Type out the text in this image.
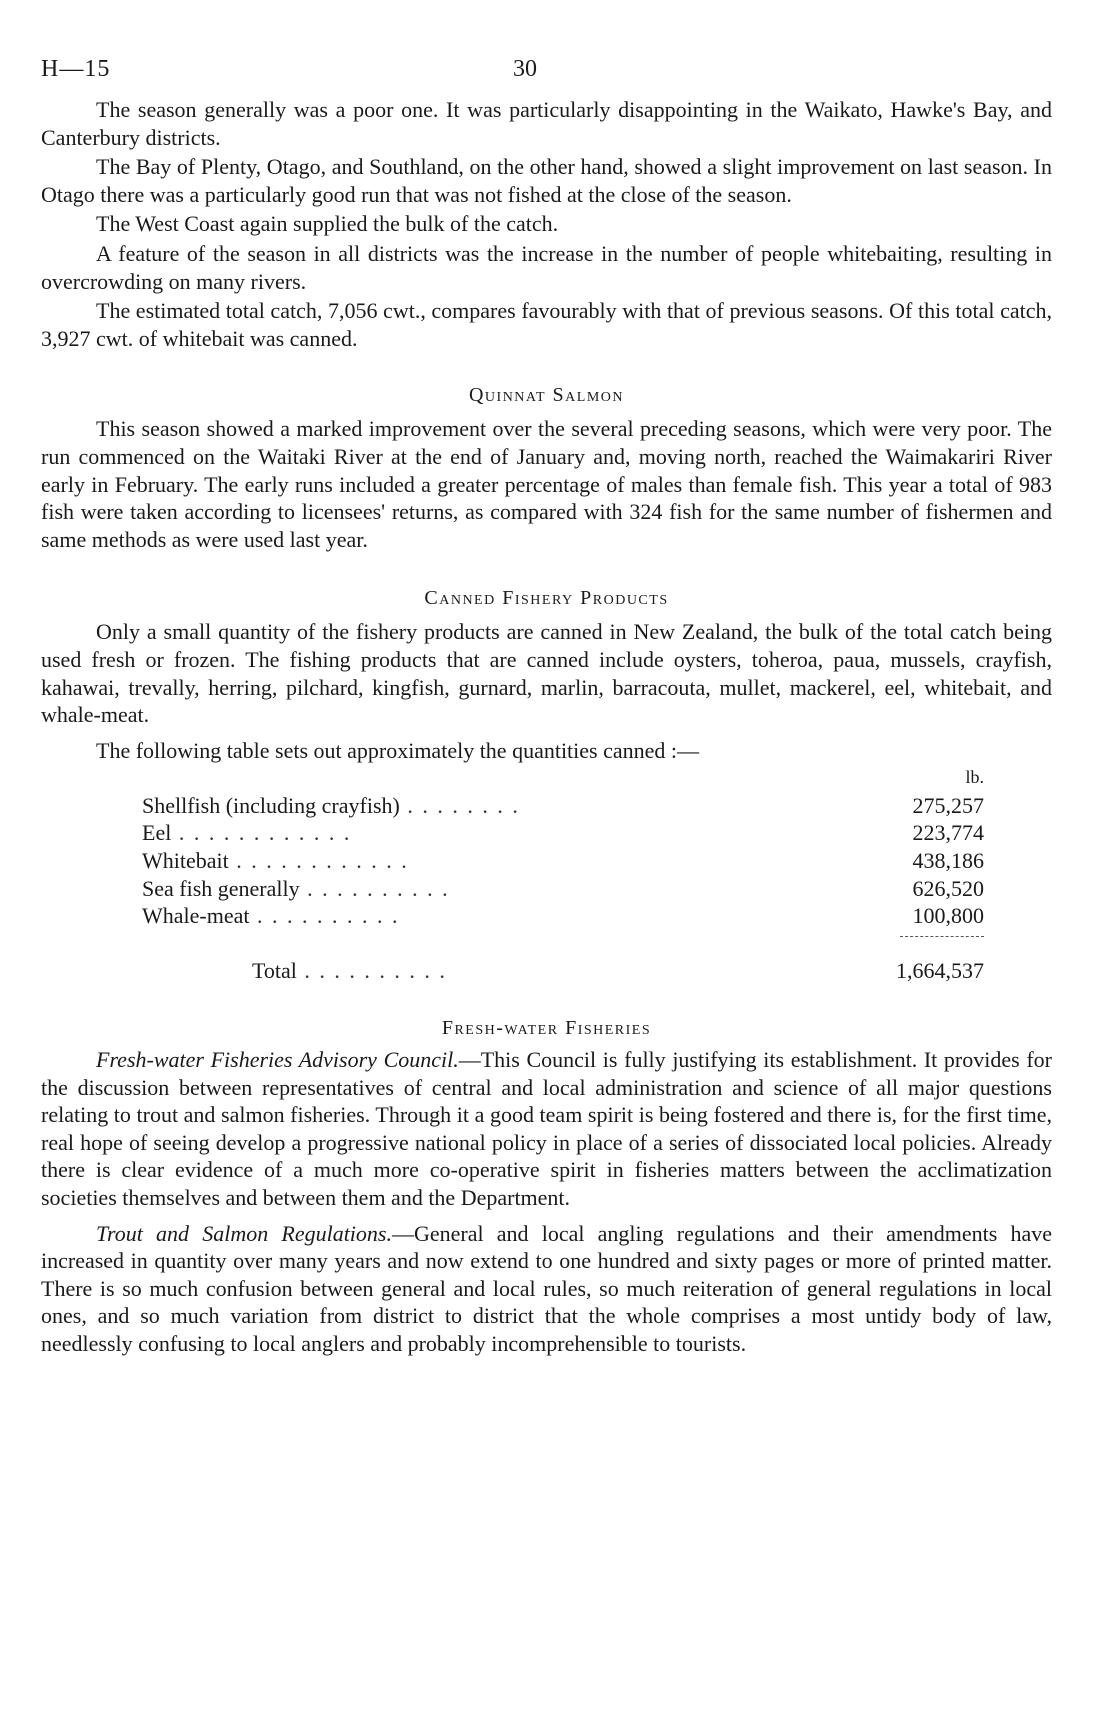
H—15	30

The season generally was a poor one. It was particularly disappointing in the Waikato, Hawke's Bay, and Canterbury districts.

The Bay of Plenty, Otago, and Southland, on the other hand, showed a slight improvement on last season. In Otago there was a particularly good run that was not fished at the close of the season.

The West Coast again supplied the bulk of the catch.

A feature of the season in all districts was the increase in the number of people whitebaiting, resulting in overcrowding on many rivers.

The estimated total catch, 7,056 cwt., compares favourably with that of previous seasons. Of this total catch, 3,927 cwt. of whitebait was canned.

Quinnat Salmon

This season showed a marked improvement over the several preceding seasons, which were very poor. The run commenced on the Waitaki River at the end of January and, moving north, reached the Waimakariri River early in February. The early runs included a greater percentage of males than female fish. This year a total of 983 fish were taken according to licensees' returns, as compared with 324 fish for the same number of fishermen and same methods as were used last year.

Canned Fishery Products

Only a small quantity of the fishery products are canned in New Zealand, the bulk of the total catch being used fresh or frozen. The fishing products that are canned include oysters, toheroa, paua, mussels, crayfish, kahawai, trevally, herring, pilchard, kingfish, gurnard, marlin, barracouta, mullet, mackerel, eel, whitebait, and whale-meat.

The following table sets out approximately the quantities canned :—

	lb.
Shellfish (including crayfish) . . . . . . . .	275,257
Eel . . . . . . . . . . . .	223,774
Whitebait . . . . . . . . . . . .	438,186
Sea fish generally . . . . . . . . . .	626,520
Whale-meat . . . . . . . . . .	100,800

Total . . . . . . . . . .	1,664,537
Fresh-water Fisheries

Fresh-water Fisheries Advisory Council.—This Council is fully justifying its establishment. It provides for the discussion between representatives of central and local administration and science of all major questions relating to trout and salmon fisheries. Through it a good team spirit is being fostered and there is, for the first time, real hope of seeing develop a progressive national policy in place of a series of dissociated local policies. Already there is clear evidence of a much more co-operative spirit in fisheries matters between the acclimatization societies themselves and between them and the Department.

Trout and Salmon Regulations.—General and local angling regulations and their amendments have increased in quantity over many years and now extend to one hundred and sixty pages or more of printed matter. There is so much confusion between general and local rules, so much reiteration of general regulations in local ones, and so much variation from district to district that the whole comprises a most untidy body of law, needlessly confusing to local anglers and probably incomprehensible to tourists.
